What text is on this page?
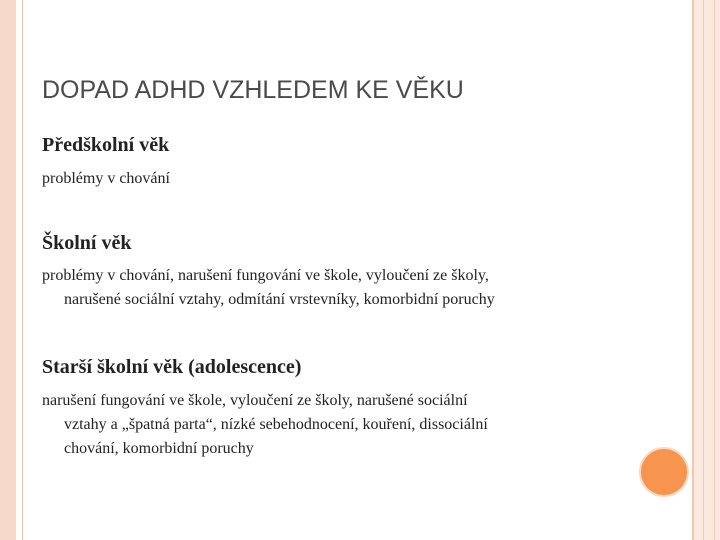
DOPAD ADHD VZHLEDEM KE VĚKU
Předškolní věk
problémy v chování
Školní věk
problémy v chování, narušení fungování ve škole, vyloučení ze školy,
narušené sociální vztahy, odmítání vrstevníky, komorbidní poruchy
Starší školní věk (adolescence)
narušení fungování ve škole, vyloučení ze školy, narušené sociální
vztahy a „špatná parta“, nízké sebehodnocení, kouření, dissociální
chování, komorbidní poruchy
